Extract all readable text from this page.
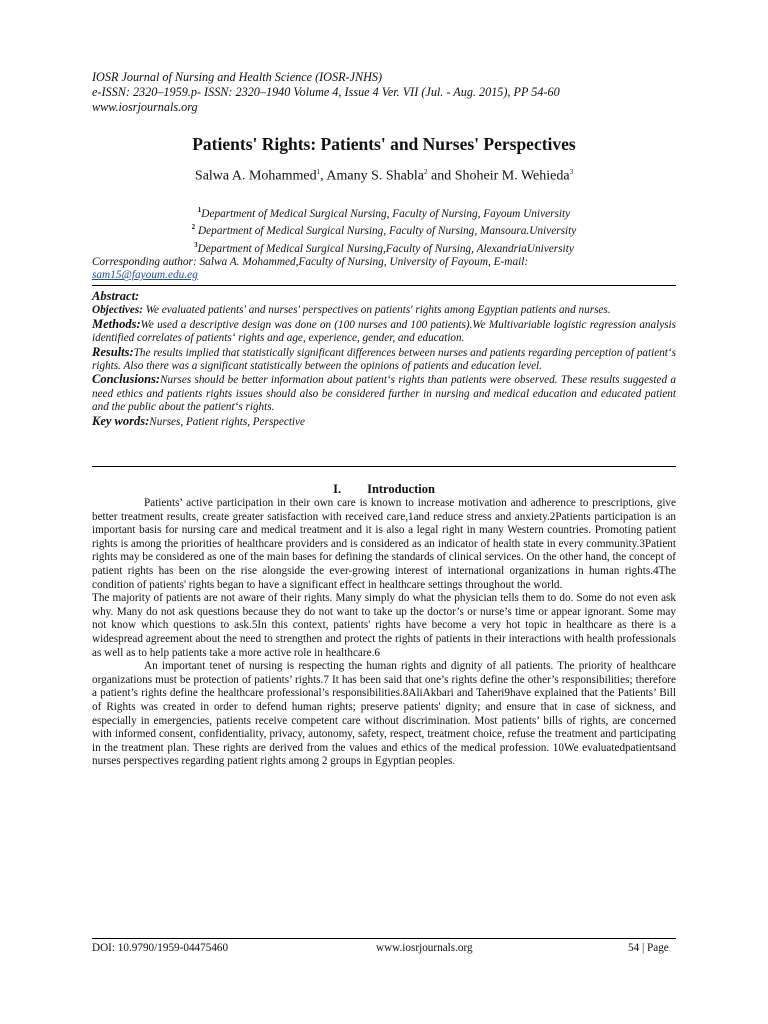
IOSR Journal of Nursing and Health Science (IOSR-JNHS)
e-ISSN: 2320–1959.p- ISSN: 2320–1940 Volume 4, Issue 4 Ver. VII (Jul. - Aug. 2015), PP 54-60
www.iosrjournals.org
Patients' Rights: Patients' and Nurses' Perspectives
Salwa A. Mohammed$^1$, Amany S. Shabla$^2$ and Shoheir M. Wehieda$^3$
$^1$Department of Medical Surgical Nursing, Faculty of Nursing, Fayoum University
$^2$ Department of Medical Surgical Nursing, Faculty of Nursing, Mansoura.University
$^3$Department of Medical Surgical Nursing,Faculty of Nursing, AlexandriaUniversity
Corresponding author: Salwa A. Mohammed,Faculty of Nursing, University of Fayoum, E-mail:
sam15@fayoum.edu.eg

Abstract:

Objectives: We evaluated patients' and nurses' perspectives on patients' rights among Egyptian patients and nurses.

Methods:We used a descriptive design was done on (100 nurses and 100 patients).We Multivariable logistic regression analysis identified correlates of patients‘ rights and age, experience, gender, and education.

Results:The results implied that statistically significant differences between nurses and patients regarding perception of patient‘s rights. Also there was a significant statistically between the opinions of patients and education level.

Conclusions:Nurses should be better information about patient‘s rights than patients were observed. These results suggested a need ethics and patients rights issues should also be considered further in nursing and medical education and educated patient and the public about the patient‘s rights.

Key words:Nurses, Patient rights, Perspective

I. Introduction

Patients’ active participation in their own care is known to increase motivation and adherence to prescriptions, give better treatment results, create greater satisfaction with received care,1and reduce stress and anxiety.2Patients participation is an important basis for nursing care and medical treatment and it is also a legal right in many Western countries. Promoting patient rights is among the priorities of healthcare providers and is considered as an indicator of health state in every community.3Patient rights may be considered as one of the main bases for defining the standards of clinical services. On the other hand, the concept of patient rights has been on the rise alongside the ever-growing interest of international organizations in human rights.4The condition of patients' rights began to have a significant effect in healthcare settings throughout the world.

The majority of patients are not aware of their rights. Many simply do what the physician tells them to do. Some do not even ask why. Many do not ask questions because they do not want to take up the doctor’s or nurse’s time or appear ignorant. Some may not know which questions to ask.5In this context, patients' rights have become a very hot topic in healthcare as there is a widespread agreement about the need to strengthen and protect the rights of patients in their interactions with health professionals as well as to help patients take a more active role in healthcare.6

An important tenet of nursing is respecting the human rights and dignity of all patients. The priority of healthcare organizations must be protection of patients’ rights.7 It has been said that one’s rights define the other’s responsibilities; therefore a patient’s rights define the healthcare professional’s responsibilities.8AliAkbari and Taheri9have explained that the Patients’ Bill of Rights was created in order to defend human rights; preserve patients' dignity; and ensure that in case of sickness, and especially in emergencies, patients receive competent care without discrimination. Most patients’ bills of rights, are concerned with informed consent, confidentiality, privacy, autonomy, safety, respect, treatment choice, refuse the treatment and participating in the treatment plan. These rights are derived from the values and ethics of the medical profession. 10We evaluatedpatientsand nurses perspectives regarding patient rights among 2 groups in Egyptian peoples.

DOI: 10.9790/1959-04475460	www.iosrjournals.org	54 | Page
